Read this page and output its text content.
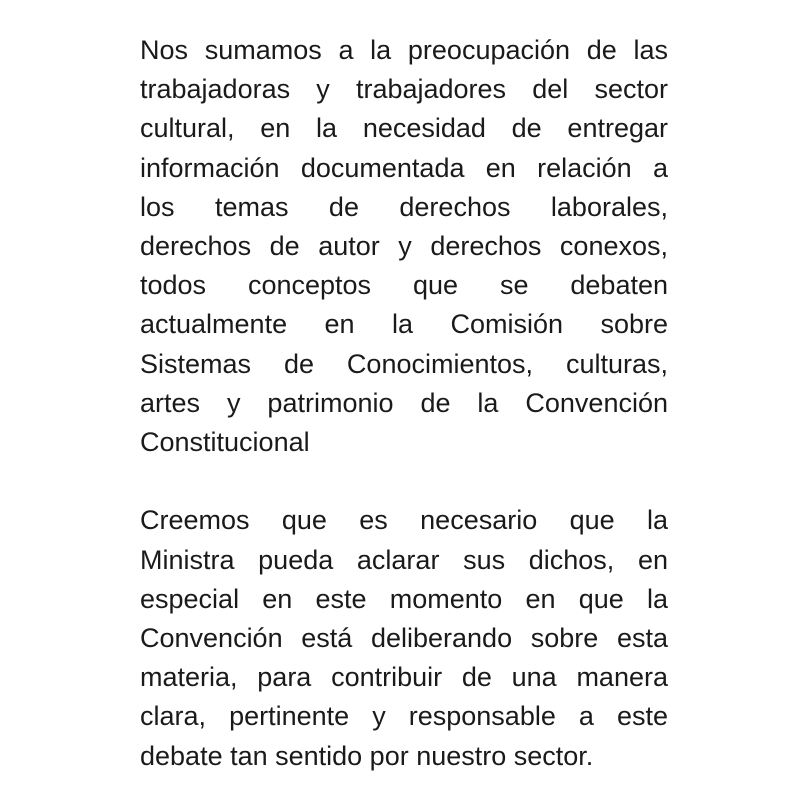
Nos sumamos a la preocupación de las
trabajadoras y trabajadores del sector
cultural, en la necesidad de entregar
información documentada en relación a
los temas de derechos laborales,
derechos de autor y derechos conexos,
todos conceptos que se debaten
actualmente en la Comisión sobre
Sistemas de Conocimientos, culturas,
artes y patrimonio de la Convención
Constitucional
Creemos que es necesario que la
Ministra pueda aclarar sus dichos, en
especial en este momento en que la
Convención está deliberando sobre esta
materia, para contribuir de una manera
clara, pertinente y responsable a este
debate tan sentido por nuestro sector.
